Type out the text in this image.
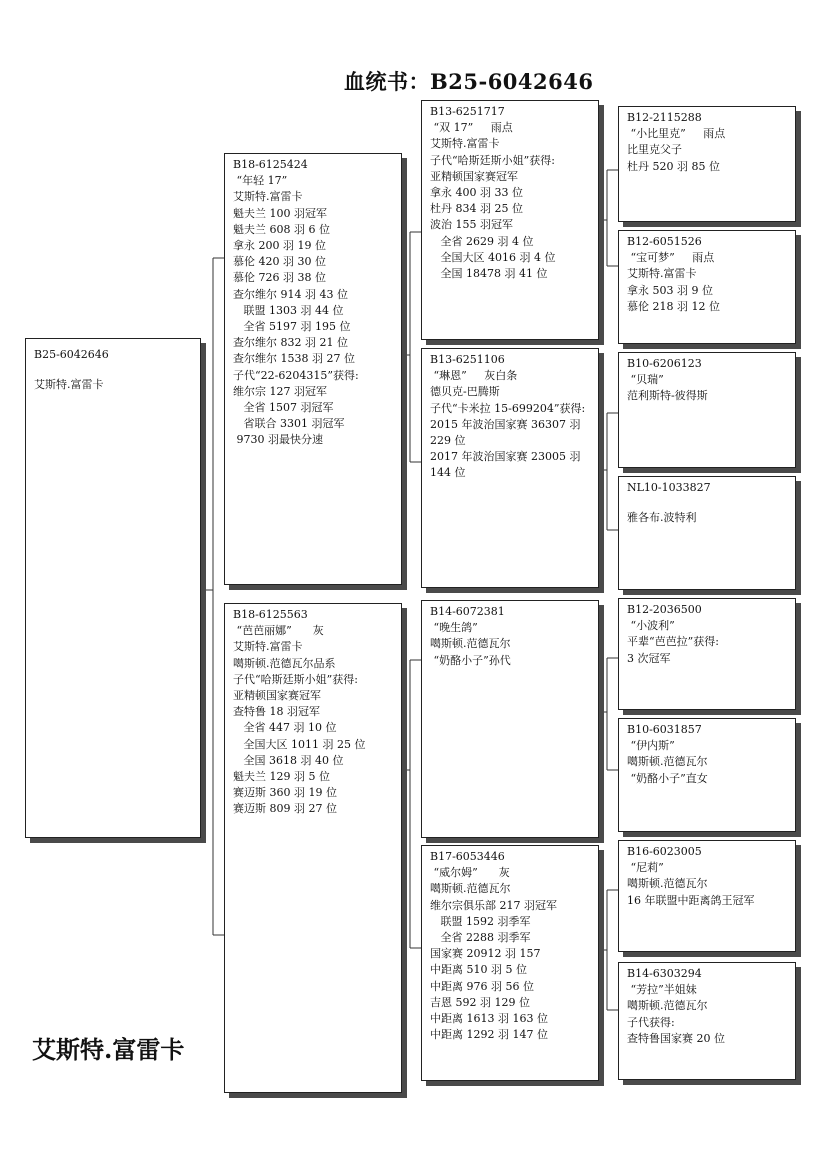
血统书：B25-6042646
B25-6042646
艾斯特.富雷卡
B18-6125424
“年轻 17”
艾斯特.富雷卡
魁夫兰 100 羽冠军
魁夫兰 608 羽 6 位
拿永 200 羽 19 位
慕伦 420 羽 30 位
慕伦 726 羽 38 位
查尔维尔 914 羽 43 位
联盟 1303 羽 44 位
全省 5197 羽 195 位
查尔维尔 832 羽 21 位
查尔维尔 1538 羽 27 位
子代“22-6204315”获得:
维尔宗 127 羽冠军
全省 1507 羽冠军
省联合 3301 羽冠军
9730 羽最快分速
B18-6125563
“芭芭丽娜”      灰
艾斯特.富雷卡
噶斯顿.范德瓦尔品系
子代“哈斯廷斯小姐”获得:
亚精顿国家赛冠军
查特鲁 18 羽冠军
全省 447 羽 10 位
全国大区 1011 羽 25 位
全国 3618 羽 40 位
魁夫兰 129 羽 5 位
赛迈斯 360 羽 19 位
赛迈斯 809 羽 27 位
B13-6251717
“双 17”     雨点
艾斯特.富雷卡
子代“哈斯廷斯小姐”获得:
亚精顿国家赛冠军
拿永 400 羽 33 位
杜丹 834 羽 25 位
波治 155 羽冠军
全省 2629 羽 4 位
全国大区 4016 羽 4 位
全国 18478 羽 41 位
B13-6251106
“琳恩”     灰白条
德贝克-巴腾斯
子代“卡米拉 15-699204”获得:
2015 年波治国家赛 36307 羽 229 位
2017 年波治国家赛 23005 羽 144 位
B14-6072381
“晚生鸽”
噶斯顿.范德瓦尔
“奶酪小子”孙代
B17-6053446
“威尔姆”      灰
噶斯顿.范德瓦尔
维尔宗俱乐部 217 羽冠军
联盟 1592 羽季军
全省 2288 羽季军
国家赛 20912 羽 157
中距离 510 羽 5 位
中距离 976 羽 56 位
吉恩 592 羽 129 位
中距离 1613 羽 163 位
中距离 1292 羽 147 位
B12-2115288
“小比里克”     雨点
比里克父子
杜丹 520 羽 85 位
B12-6051526
“宝可梦”     雨点
艾斯特.富雷卡
拿永 503 羽 9 位
慕伦 218 羽 12 位
B10-6206123
“贝瑞”
范利斯特-彼得斯
NL10-1033827
雅各布.波特利
B12-2036500
“小波利”
平辈“芭芭拉”获得:
3 次冠军
B10-6031857
“伊内斯”
噶斯顿.范德瓦尔
“奶酪小子”直女
B16-6023005
“尼莉”
噶斯顿.范德瓦尔
16 年联盟中距离鸽王冠军
B14-6303294
“芳拉”半姐妹
噶斯顿.范德瓦尔
子代获得:
查特鲁国家赛 20 位
艾斯特.富雷卡
